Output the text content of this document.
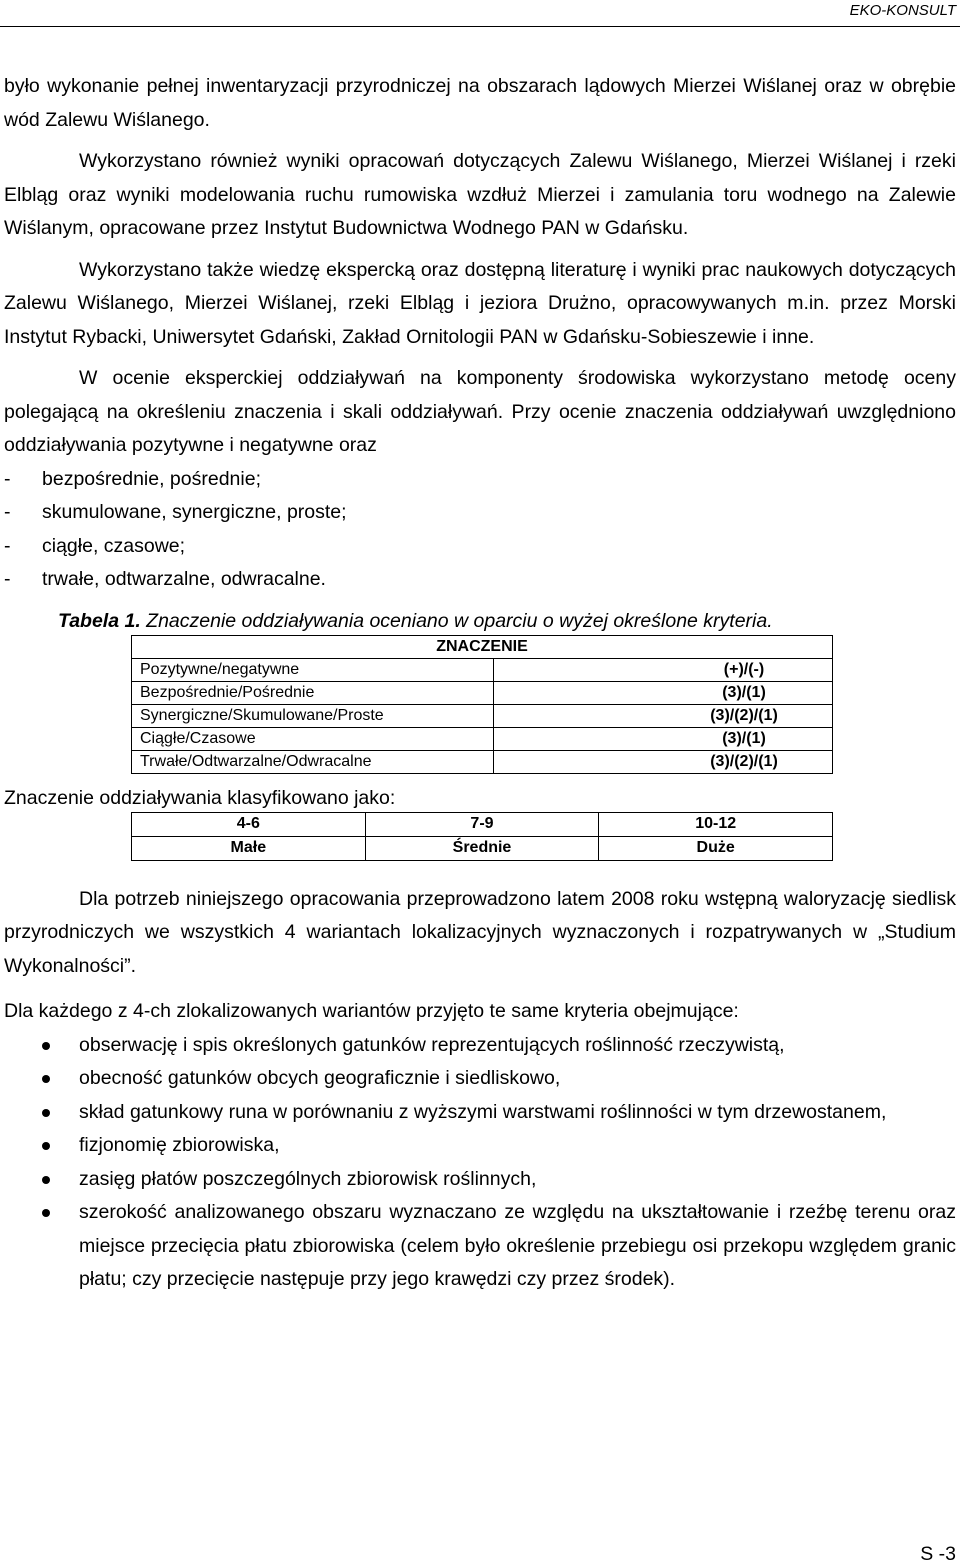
EKO-KONSULT

było wykonanie pełnej inwentaryzacji przyrodniczej na obszarach lądowych Mierzei Wiślanej oraz w obrębie wód Zalewu Wiślanego.

Wykorzystano również wyniki opracowań dotyczących Zalewu Wiślanego, Mierzei Wiślanej i rzeki Elbląg oraz wyniki modelowania ruchu rumowiska wzdłuż Mierzei i zamulania toru wodnego na Zalewie Wiślanym, opracowane przez Instytut Budownictwa Wodnego PAN w Gdańsku.

Wykorzystano także wiedzę ekspercką oraz dostępną literaturę i wyniki prac naukowych dotyczących Zalewu Wiślanego, Mierzei Wiślanej, rzeki Elbląg i jeziora Drużno, opracowywanych m.in. przez Morski Instytut Rybacki, Uniwersytet Gdański, Zakład Ornitologii PAN w Gdańsku-Sobieszewie i inne.

W ocenie eksperckiej oddziaływań na komponenty środowiska wykorzystano metodę oceny polegającą na określeniu znaczenia i skali oddziaływań. Przy ocenie znaczenia oddziaływań uwzględniono oddziaływania pozytywne i negatywne oraz

- bezpośrednie, pośrednie;
- skumulowane, synergiczne, proste;
- ciągłe, czasowe;
- trwałe, odtwarzalne, odwracalne.
Tabela 1. Znaczenie oddziaływania oceniano w oparciu o wyżej określone kryteria.
ZNACZENIE	
Pozytywne/negatywne	(+)/(-)
Bezpośrednie/Pośrednie	(3)/(1)
Synergiczne/Skumulowane/Proste	(3)/(2)/(1)
Ciągłe/Czasowe	(3)/(1)
Trwałe/Odtwarzalne/Odwracalne	(3)/(2)/(1)
Znaczenie oddziaływania klasyfikowano jako:
4-6	7-9	10-12
Małe	Średnie	Duże

Dla potrzeb niniejszego opracowania przeprowadzono latem 2008 roku wstępną waloryzację siedlisk przyrodniczych we wszystkich 4 wariantach lokalizacyjnych wyznaczonych i rozpatrywanych w „Studium Wykonalności”.

Dla każdego z 4-ch zlokalizowanych wariantów przyjęto te same kryteria obejmujące:

obserwację i spis określonych gatunków reprezentujących roślinność rzeczywistą,
obecność gatunków obcych geograficznie i siedliskowo,
skład gatunkowy runa w porównaniu z wyższymi warstwami roślinności w tym drzewostanem,
fizjonomię zbiorowiska,
zasięg płatów poszczególnych zbiorowisk roślinnych,
szerokość analizowanego obszaru wyznaczano ze względu na ukształtowanie i rzeźbę terenu oraz miejsce przecięcia płatu zbiorowiska (celem było określenie przebiegu osi przekopu względem granic płatu; czy przecięcie następuje przy jego krawędzi czy przez środek).
S -3
